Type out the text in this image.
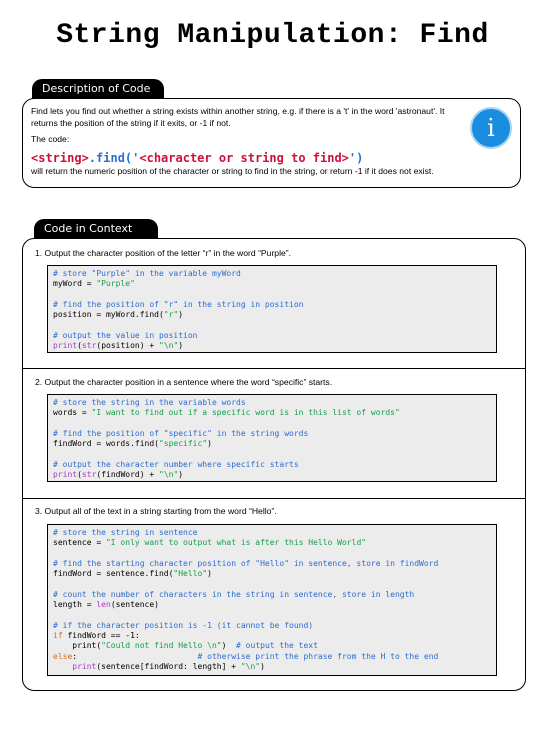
String Manipulation: Find
Description of Code

Find lets you find out whether a string exists within another string, e.g. if there is a 't' in the word 'astronaut'. It returns the position of the string if it exits, or -1 if not.

The code:

<string>.find('<character or string to find>')

will return the numeric position of the character or string to find in the string, or return -1 if it does not exist.

i
Code in Context
1. Output the character position of the letter “r” in the word “Purple”.
# store "Purple" in the variable myWord
myWord = "Purple"
# find the position of "r" in the string in position
position = myWord.find("r")
# output the value in position
print(str(position) + "\n")
2. Output the character position in a sentence where the word “specific” starts.
# store the string in the variable words
words = "I want to find out if a specific word is in this list of words"
# find the position of "specific" in the string words
findWord = words.find("specific")
# output the character number where specific starts
print(str(findWord) + "\n")
3. Output all of the text in a string starting from the word “Hello”.
# store the string in sentence
sentence = "I only want to output what is after this Hello World"
# find the starting character position of "Hello" in sentence, store in findWord
findWord = sentence.find("Hello")
# count the number of characters in the string in sentence, store in length
length = len(sentence)
# if the character position is -1 (it cannot be found)
if findWord == -1:
print("Could not find Hello \n")  # output the text
else:                         # otherwise print the phrase from the H to the end
print(sentence[findWord: length] + "\n")
